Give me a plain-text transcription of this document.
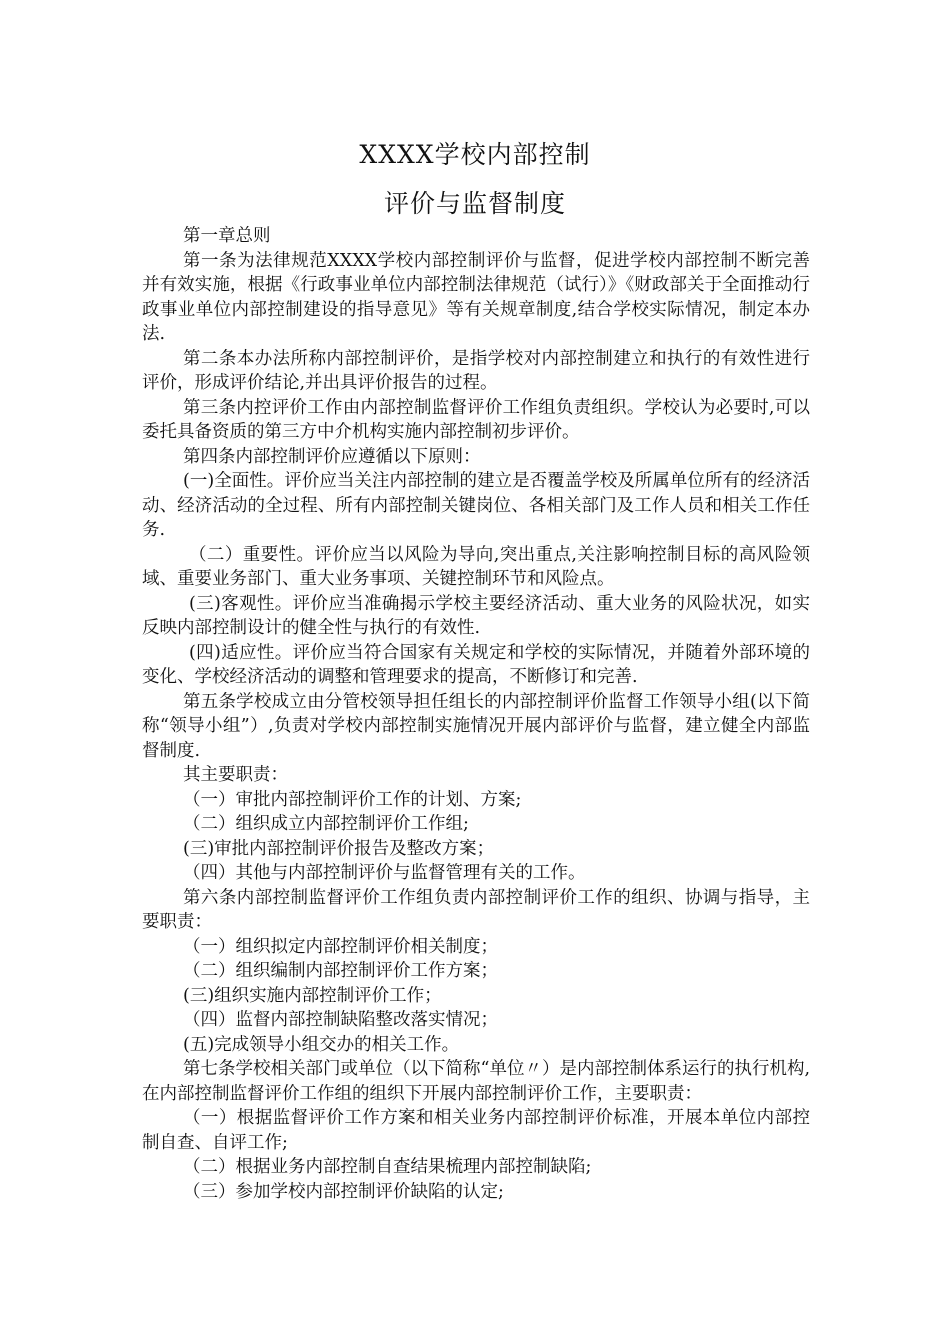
XXXX学校内部控制
评价与监督制度

第一章总则

第一条为法律规范XXXX学校内部控制评价与监督，促进学校内部控制不断完善并有效实施，根据《行政事业单位内部控制法律规范（试行）》《财政部关于全面推动行政事业单位内部控制建设的指导意见》等有关规章制度,结合学校实际情况，制定本办法.

第二条本办法所称内部控制评价，是指学校对内部控制建立和执行的有效性进行评价，形成评价结论,并出具评价报告的过程。

第三条内控评价工作由内部控制监督评价工作组负责组织。学校认为必要时,可以委托具备资质的第三方中介机构实施内部控制初步评价。

第四条内部控制评价应遵循以下原则：

(一)全面性。评价应当关注内部控制的建立是否覆盖学校及所属单位所有的经济活动、经济活动的全过程、所有内部控制关键岗位、各相关部门及工作人员和相关工作任务.

（二）重要性。评价应当以风险为导向,突出重点,关注影响控制目标的高风险领域、重要业务部门、重大业务事项、关键控制环节和风险点。

(三)客观性。评价应当准确揭示学校主要经济活动、重大业务的风险状况，如实反映内部控制设计的健全性与执行的有效性.

(四)适应性。评价应当符合国家有关规定和学校的实际情况，并随着外部环境的变化、学校经济活动的调整和管理要求的提高，不断修订和完善.

第五条学校成立由分管校领导担任组长的内部控制评价监督工作领导小组(以下简称“领导小组”）,负责对学校内部控制实施情况开展内部评价与监督，建立健全内部监督制度.

其主要职责：

（一）审批内部控制评价工作的计划、方案;

（二）组织成立内部控制评价工作组;

(三)审批内部控制评价报告及整改方案；

（四）其他与内部控制评价与监督管理有关的工作。

第六条内部控制监督评价工作组负责内部控制评价工作的组织、协调与指导，主要职责：

（一）组织拟定内部控制评价相关制度；

（二）组织编制内部控制评价工作方案；

(三)组织实施内部控制评价工作；

（四）监督内部控制缺陷整改落实情况；

(五)完成领导小组交办的相关工作。

第七条学校相关部门或单位（以下简称“单位〃）是内部控制体系运行的执行机构,在内部控制监督评价工作组的组织下开展内部控制评价工作，主要职责：

（一）根据监督评价工作方案和相关业务内部控制评价标准，开展本单位内部控制自查、自评工作;

（二）根据业务内部控制自查结果梳理内部控制缺陷;

（三）参加学校内部控制评价缺陷的认定;
